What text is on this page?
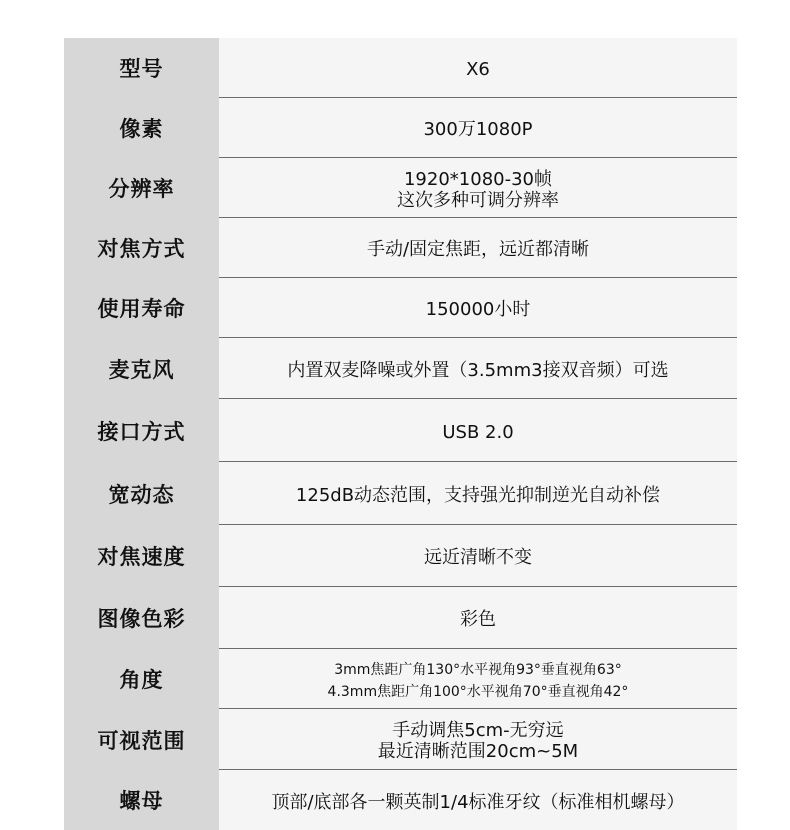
型号	X6
像素	300万1080P
分辨率	1920*1080-30帧
这次多种可调分辨率
对焦方式	手动/固定焦距，远近都清晰
使用寿命	150000小时
麦克风	内置双麦降噪或外置（3.5mm3接双音频）可选
接口方式	USB 2.0
宽动态	125dB动态范围，支持强光抑制逆光自动补偿
对焦速度	远近清晰不变
图像色彩	彩色
角度	3mm焦距广角130°水平视角93°垂直视角63°
4.3mm焦距广角100°水平视角70°垂直视角42°
可视范围	手动调焦5cm-无穷远
最近清晰范围20cm~5M
螺母	顶部/底部各一颗英制1/4标准牙纹（标准相机螺母）
